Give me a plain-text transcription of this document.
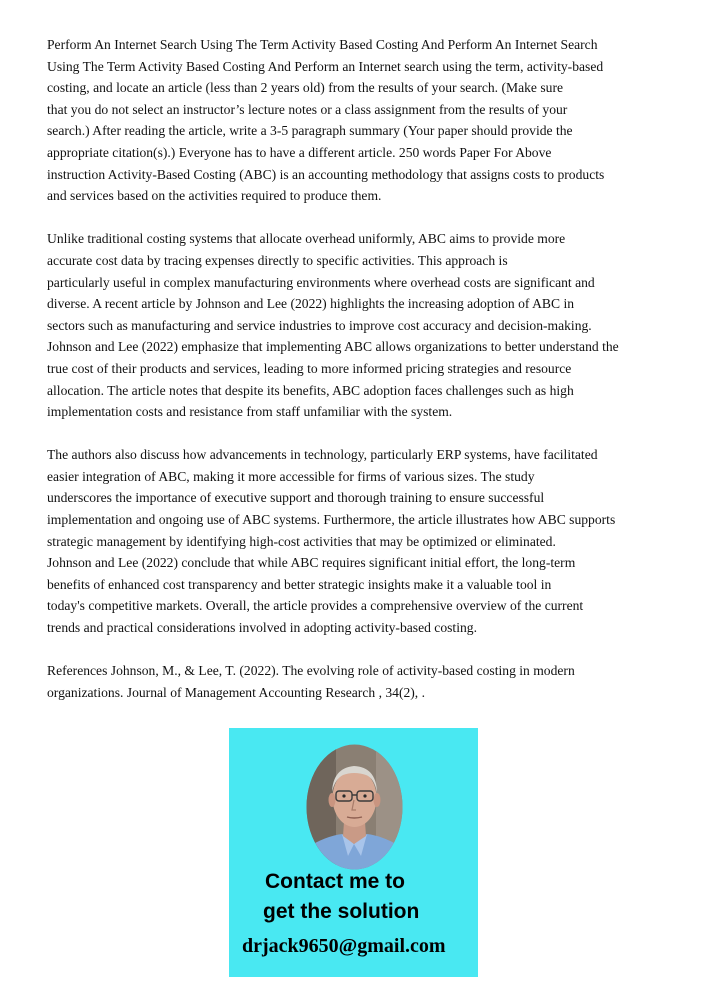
Perform An Internet Search Using The Term Activity Based Costing And Perform An Internet Search
Using The Term Activity Based Costing And Perform an Internet search using the term, activity-based
costing, and locate an article (less than 2 years old) from the results of your search. (Make sure
that you do not select an instructor’s lecture notes or a class assignment from the results of your
search.) After reading the article, write a 3-5 paragraph summary (Your paper should provide the
appropriate citation(s).) Everyone has to have a different article. 250 words Paper For Above
instruction Activity-Based Costing (ABC) is an accounting methodology that assigns costs to products
and services based on the activities required to produce them.

Unlike traditional costing systems that allocate overhead uniformly, ABC aims to provide more
accurate cost data by tracing expenses directly to specific activities. This approach is
particularly useful in complex manufacturing environments where overhead costs are significant and
diverse. A recent article by Johnson and Lee (2022) highlights the increasing adoption of ABC in
sectors such as manufacturing and service industries to improve cost accuracy and decision-making.
Johnson and Lee (2022) emphasize that implementing ABC allows organizations to better understand the
true cost of their products and services, leading to more informed pricing strategies and resource
allocation. The article notes that despite its benefits, ABC adoption faces challenges such as high
implementation costs and resistance from staff unfamiliar with the system.

The authors also discuss how advancements in technology, particularly ERP systems, have facilitated
easier integration of ABC, making it more accessible for firms of various sizes. The study
underscores the importance of executive support and thorough training to ensure successful
implementation and ongoing use of ABC systems. Furthermore, the article illustrates how ABC supports
strategic management by identifying high-cost activities that may be optimized or eliminated.
Johnson and Lee (2022) conclude that while ABC requires significant initial effort, the long-term
benefits of enhanced cost transparency and better strategic insights make it a valuable tool in
today's competitive markets. Overall, the article provides a comprehensive overview of the current
trends and practical considerations involved in adopting activity-based costing.

References Johnson, M., & Lee, T. (2022). The evolving role of activity-based costing in modern
organizations. Journal of Management Accounting Research , 34(2), .

Contact me to
get the solution
drjack9650@gmail.com
